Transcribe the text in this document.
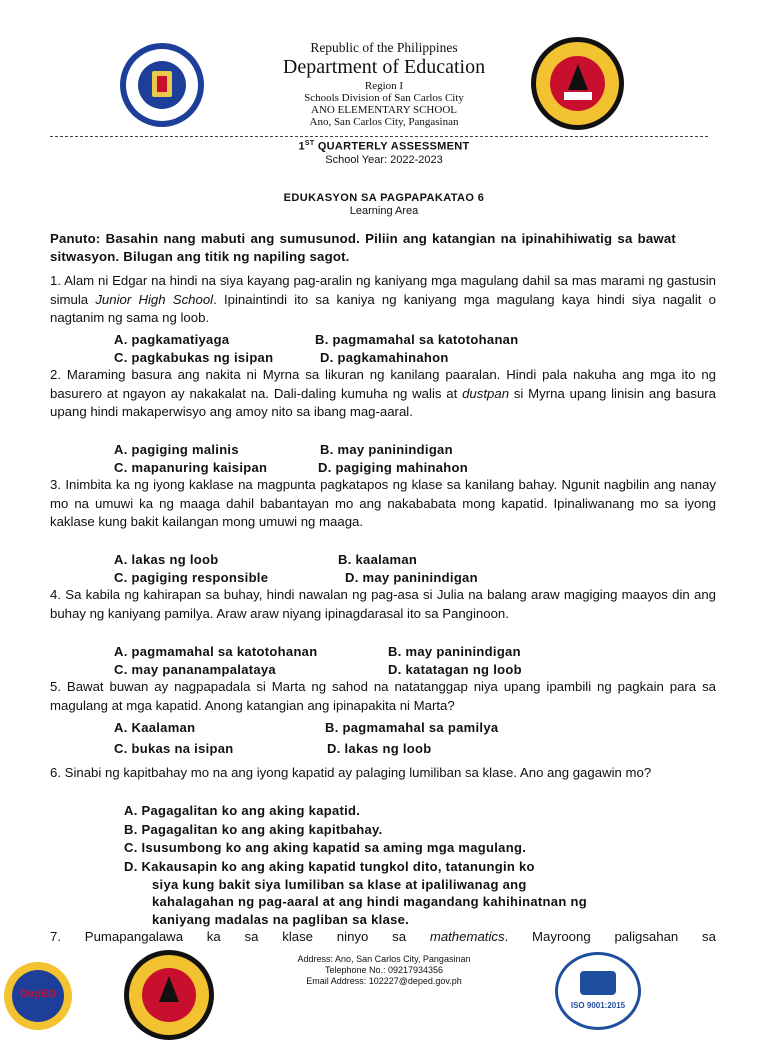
Republic of the Philippines
Department of Education
Region I
Schools Division of San Carlos City
ANO ELEMENTARY SCHOOL
Ano, San Carlos City, Pangasinan
1ST QUARTERLY ASSESSMENT
School Year: 2022-2023
EDUKASYON SA PAGPAPAKATAO 6
Learning Area
Panuto: Basahin nang mabuti ang sumusunod. Piliin ang katangian na ipinahihiwatig sa bawat sitwasyon. Bilugan ang titik ng napiling sagot.
1. Alam ni Edgar na hindi na siya kayang pag-aralin ng kaniyang mga magulang dahil sa mas marami ng gastusin simula Junior High School. Ipinaintindi ito sa kaniya ng kaniyang mga magulang kaya hindi siya nagalit o nagtanim ng sama ng loob.
A. pagkamatiyaga	B. pagmamahal sa katotohanan
C. pagkabukas ng isipan	D. pagkamahinahon
2. Maraming basura ang nakita ni Myrna sa likuran ng kanilang paaralan. Hindi pala nakuha ang mga ito ng basurero at ngayon ay nakakalat na. Dali-daling kumuha ng walis at dustpan si Myrna upang linisin ang basura upang hindi makaperwisyo ang amoy nito sa ibang mag-aaral.
A. pagiging malinis	B. may paninindigan
C. mapanuring kaisipan	D. pagiging mahinahon
3. Inimbita ka ng iyong kaklase na magpunta pagkatapos ng klase sa kanilang bahay. Ngunit nagbilin ang nanay mo na umuwi ka ng maaga dahil babantayan mo ang nakababata mong kapatid. Ipinaliwanang mo sa iyong kaklase kung bakit kailangan mong umuwi ng maaga.
A. lakas ng loob	B. kaalaman
C. pagiging responsible	D. may paninindigan
4. Sa kabila ng kahirapan sa buhay, hindi nawalan ng pag-asa si Julia na balang araw magiging maayos din ang buhay ng kaniyang pamilya. Araw araw niyang ipinagdarasal ito sa Panginoon.
A. pagmamahal sa katotohanan	B. may paninindigan
C. may pananampalataya	D. katatagan ng loob
5. Bawat buwan ay nagpapadala si Marta ng sahod na natatanggap niya upang ipambili ng pagkain para sa magulang at mga kapatid. Anong katangian ang ipinapakita ni Marta?
A. Kaalaman	B. pagmamahal sa pamilya
C. bukas na isipan	D. lakas ng loob
6. Sinabi ng kapitbahay mo na ang iyong kapatid ay palaging lumiliban sa klase. Ano ang gagawin mo?
A. Pagagalitan ko ang aking kapatid.
B. Pagagalitan ko ang aking kapitbahay.
C. Isusumbong ko ang aking kapatid sa aming mga magulang.
D. Kakausapin ko ang aking kapatid tungkol dito, tatanungin ko
siya kung bakit siya lumiliban sa klase at ipaliliwanag ang
kahalagahan ng pag-aaral at ang hindi magandang kahihinatnan ng
kaniyang madalas na pagliban sa klase.
7. Pumapangalawa ka sa klase ninyo sa mathematics. Mayroong paligsahan sa
DepED
Address: Ano, San Carlos City, Pangasinan
Telephone No.: 09217934356
Email Address: 102227@deped.gov.ph
ISO 9001:2015
